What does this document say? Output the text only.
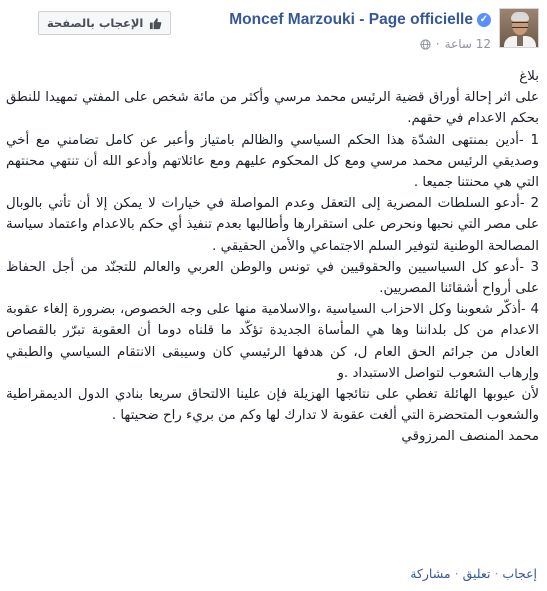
Moncef Marzouki - Page officielle ✓
12 ساعة
·
الإعجاب بالصفحة

بلاغ

على اثر إحالة أوراق قضية الرئيس محمد مرسي وأكثر من مائة شخص على المفتي تمهيدا للنطق بحكم الاعدام في حقهم.

1 -أدين بمنتهى الشدّة هذا الحكم السياسي والظالم بامتياز وأعبر عن كامل تضامني مع أخي وصديقي الرئيس محمد مرسي ومع كل المحكوم عليهم ومع عائلاتهم وأدعو الله أن تنتهي محنتهم التي هي محنتنا جميعا .

2 -أدعو السلطات المصرية إلى التعقل وعدم المواصلة في خيارات لا يمكن إلا أن تأتي بالوبال على مصر التي نحبها ونحرص على استقرارها وأطالبها بعدم تنفيذ أي حكم بالاعدام واعتماد سياسة المصالحة الوطنية لتوفير السلم الاجتماعي والأمن الحقيقي .

3 -أدعو كل السياسيين والحقوقيين في تونس والوطن العربي والعالم للتجنّد من أجل الحفاظ على أرواح أشقائنا المصريين.

4 -أذكّر شعوبنا وكل الاحزاب السياسية ،والاسلامية منها على وجه الخصوص، بضرورة إلغاء عقوبة الاعدام من كل بلداننا وها هي المأساة الجديدة تؤكّد ما قلناه دوما أن العقوبة تبرّر بالقصاص العادل من جرائم الحق العام ل، كن هدفها الرئيسي كان وسيبقى الانتقام السياسي والطبقي وإرهاب الشعوب لتواصل الاستبداد .و

لأن عيوبها الهائلة تغطي على نتائجها الهزيلة فإن علينا الالتحاق سريعا بنادي الدول الديمقراطية والشعوب المتحضرة التي ألغت عقوبة لا تدارك لها وكم من بريء راح ضحيتها .

محمد المنصف المرزوقي

إعجاب
·
تعليق
·
مشاركة
